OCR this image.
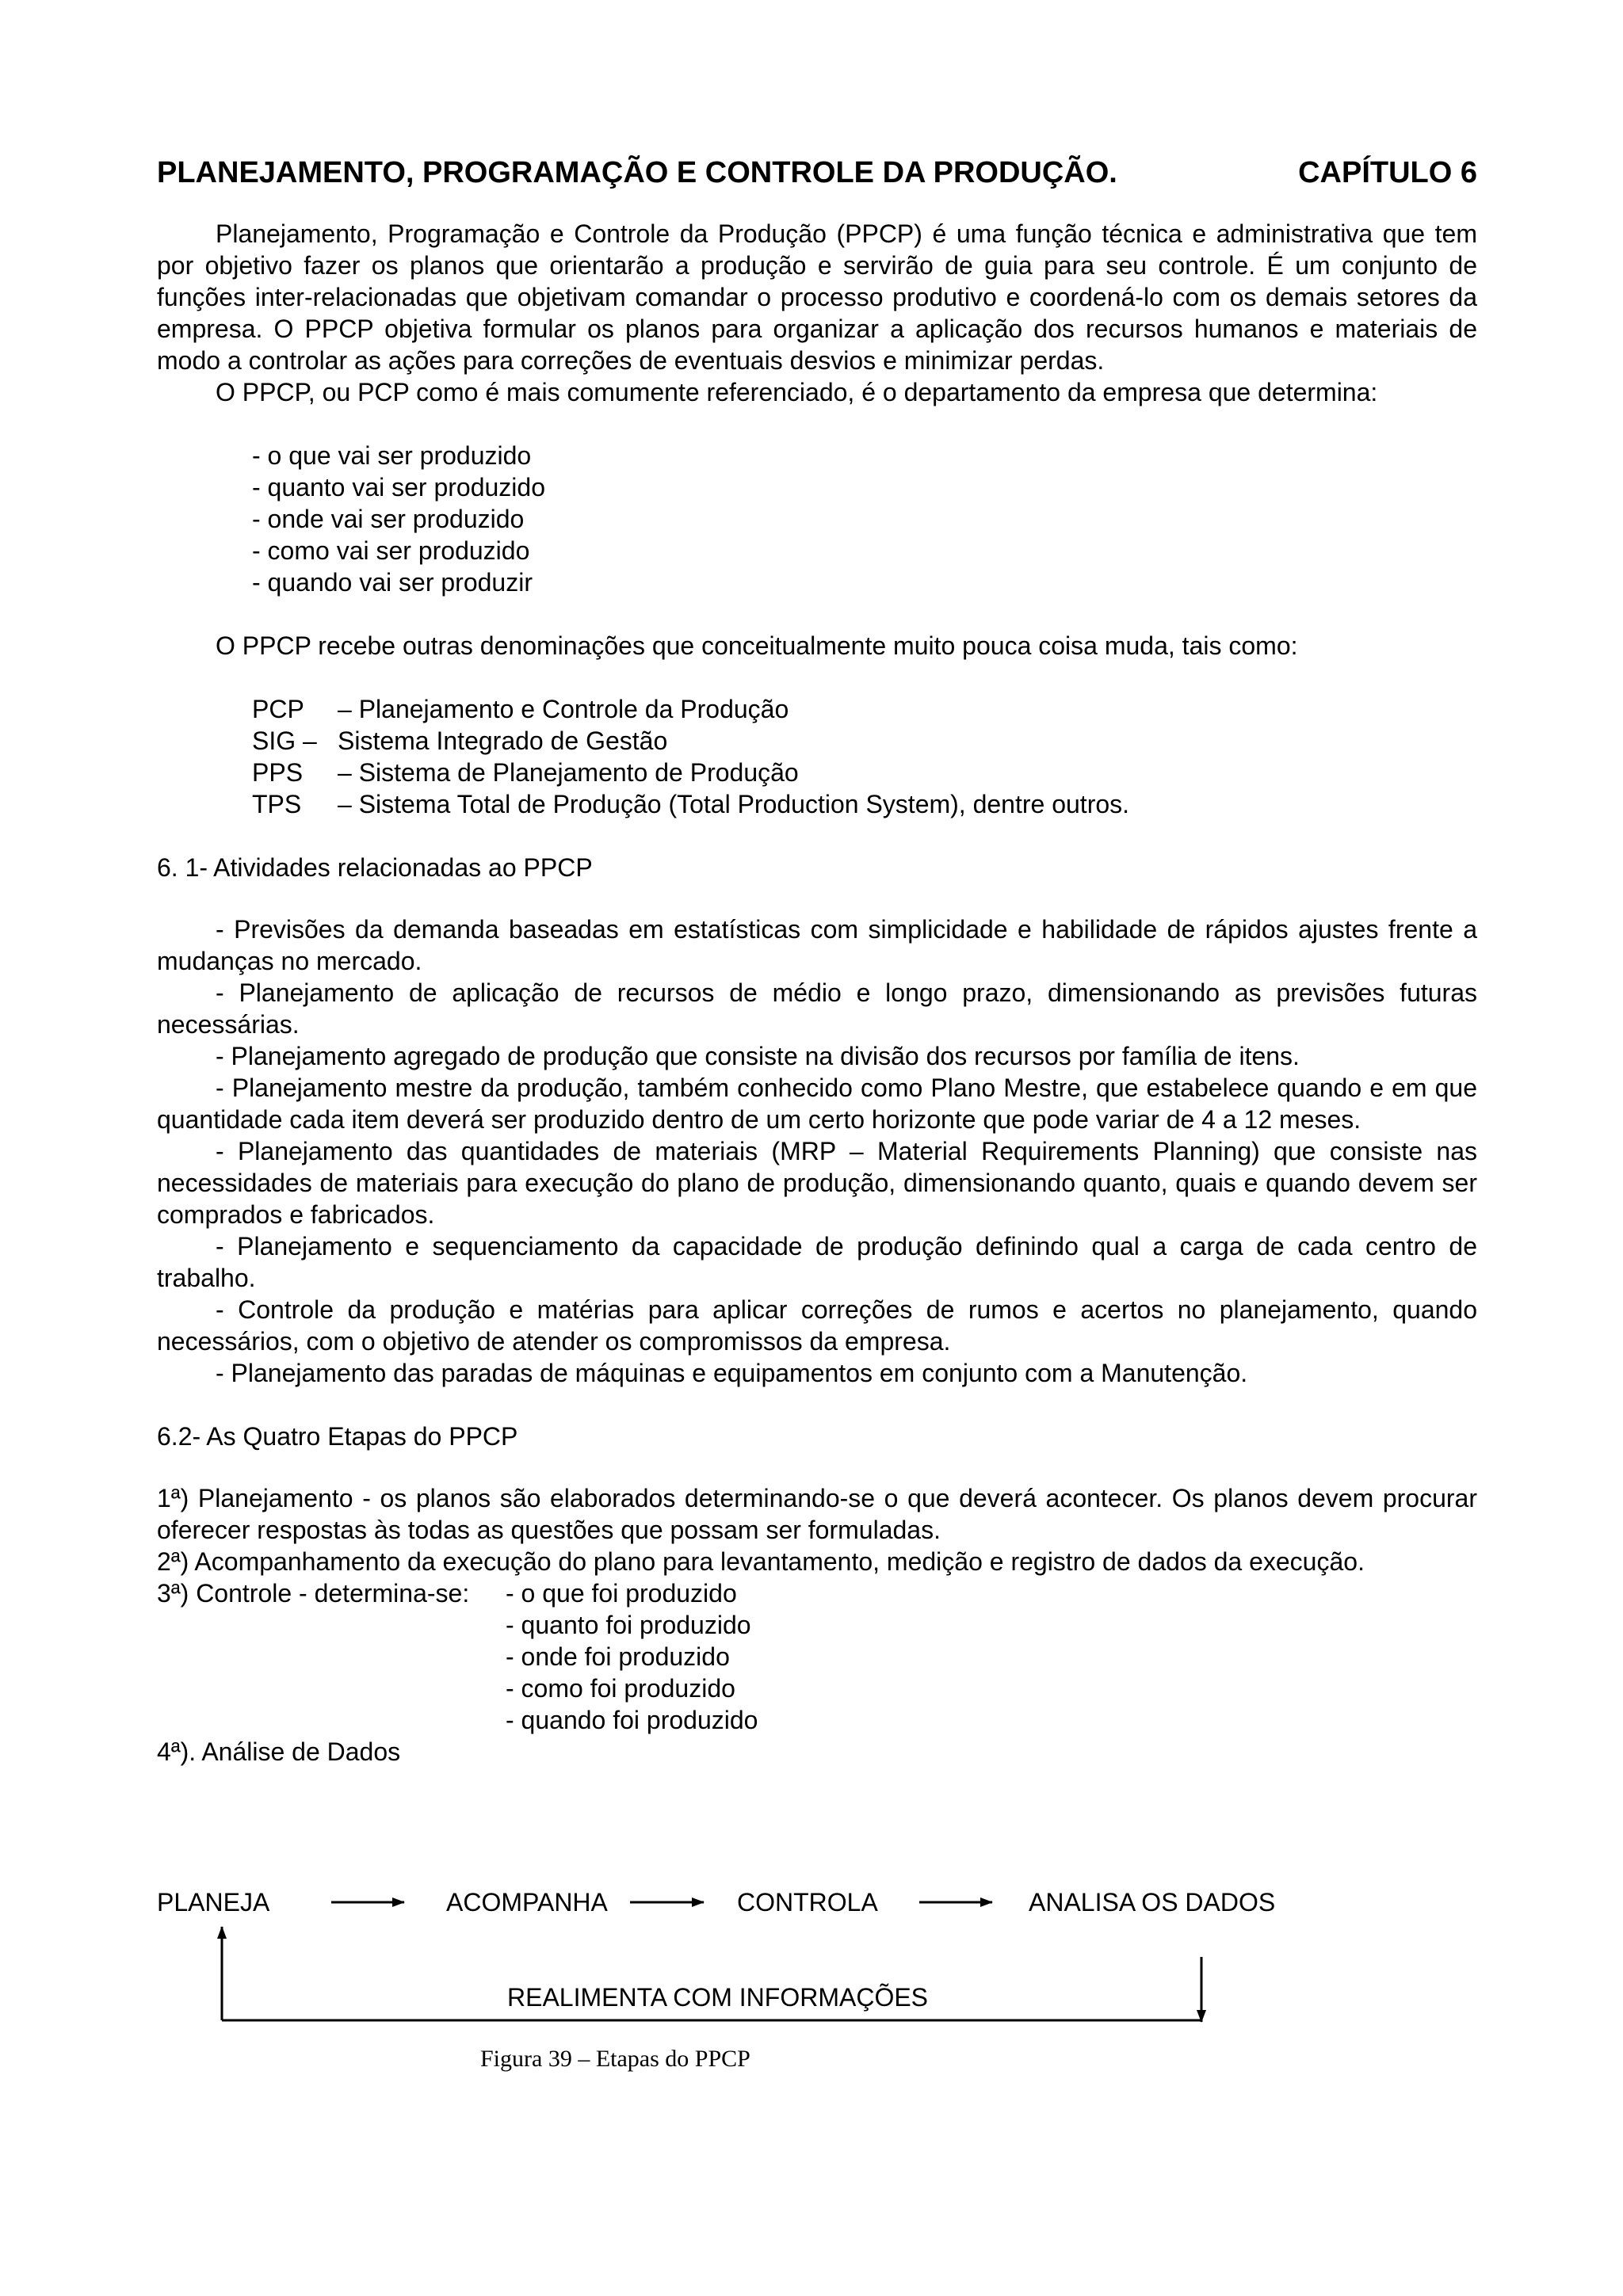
PLANEJAMENTO, PROGRAMAÇÃO E CONTROLE DA PRODUÇÃO.	CAPÍTULO 6

Planejamento, Programação e Controle da Produção (PPCP) é uma função técnica e administrativa que tem por objetivo fazer os planos que orientarão a produção e servirão de guia para seu controle. É um conjunto de funções inter-relacionadas que objetivam comandar o processo produtivo e coordená-lo com os demais setores da empresa. O PPCP objetiva formular os planos para organizar a aplicação dos recursos humanos e materiais de modo a controlar as ações para correções de eventuais desvios e minimizar perdas.

O PPCP, ou PCP como é mais comumente referenciado, é o departamento da empresa que determina:

- o que vai ser produzido
- quanto vai ser produzido
- onde vai ser produzido
- como vai ser produzido
- quando vai ser produzir

O PPCP recebe outras denominações que conceitualmente muito pouca coisa muda, tais como:

PCP	– Planejamento e Controle da Produção
SIG – Sistema Integrado de Gestão
PPS	– Sistema de Planejamento de Produção
TPS	– Sistema Total de Produção (Total Production System), dentre outros.
6. 1- Atividades relacionadas ao PPCP

- Previsões da demanda baseadas em estatísticas com simplicidade e habilidade de rápidos ajustes frente a mudanças no mercado.

- Planejamento de aplicação de recursos de médio e longo prazo, dimensionando as previsões futuras necessárias.

- Planejamento agregado de produção que consiste na divisão dos recursos por família de itens.

- Planejamento mestre da produção, também conhecido como Plano Mestre, que estabelece quando e em que quantidade cada item deverá ser produzido dentro de um certo horizonte que pode variar de 4 a 12 meses.

- Planejamento das quantidades de materiais (MRP – Material Requirements Planning) que consiste nas necessidades de materiais para execução do plano de produção, dimensionando quanto, quais e quando devem ser comprados e fabricados.

- Planejamento e sequenciamento da capacidade de produção definindo qual a carga de cada centro de trabalho.

- Controle da produção e matérias para aplicar correções de rumos e acertos no planejamento, quando necessários, com o objetivo de atender os compromissos da empresa.

- Planejamento das paradas de máquinas e equipamentos em conjunto com a Manutenção.

6.2- As Quatro Etapas do PPCP

1ª) Planejamento - os planos são elaborados determinando-se o que deverá acontecer. Os planos devem procurar oferecer respostas às todas as questões que possam ser formuladas.

2ª) Acompanhamento da execução do plano para levantamento, medição e registro de dados da execução.

3ª) Controle - determina-se:	- o que foi produzido
- quanto foi produzido
- onde foi produzido
- como foi produzido
- quando foi produzido
4ª). Análise de Dados
PLANEJA	ACOMPANHA	CONTROLA	ANALISA OS DADOS
REALIMENTA COM INFORMAÇÕES
Figura 39 – Etapas do PPCP
